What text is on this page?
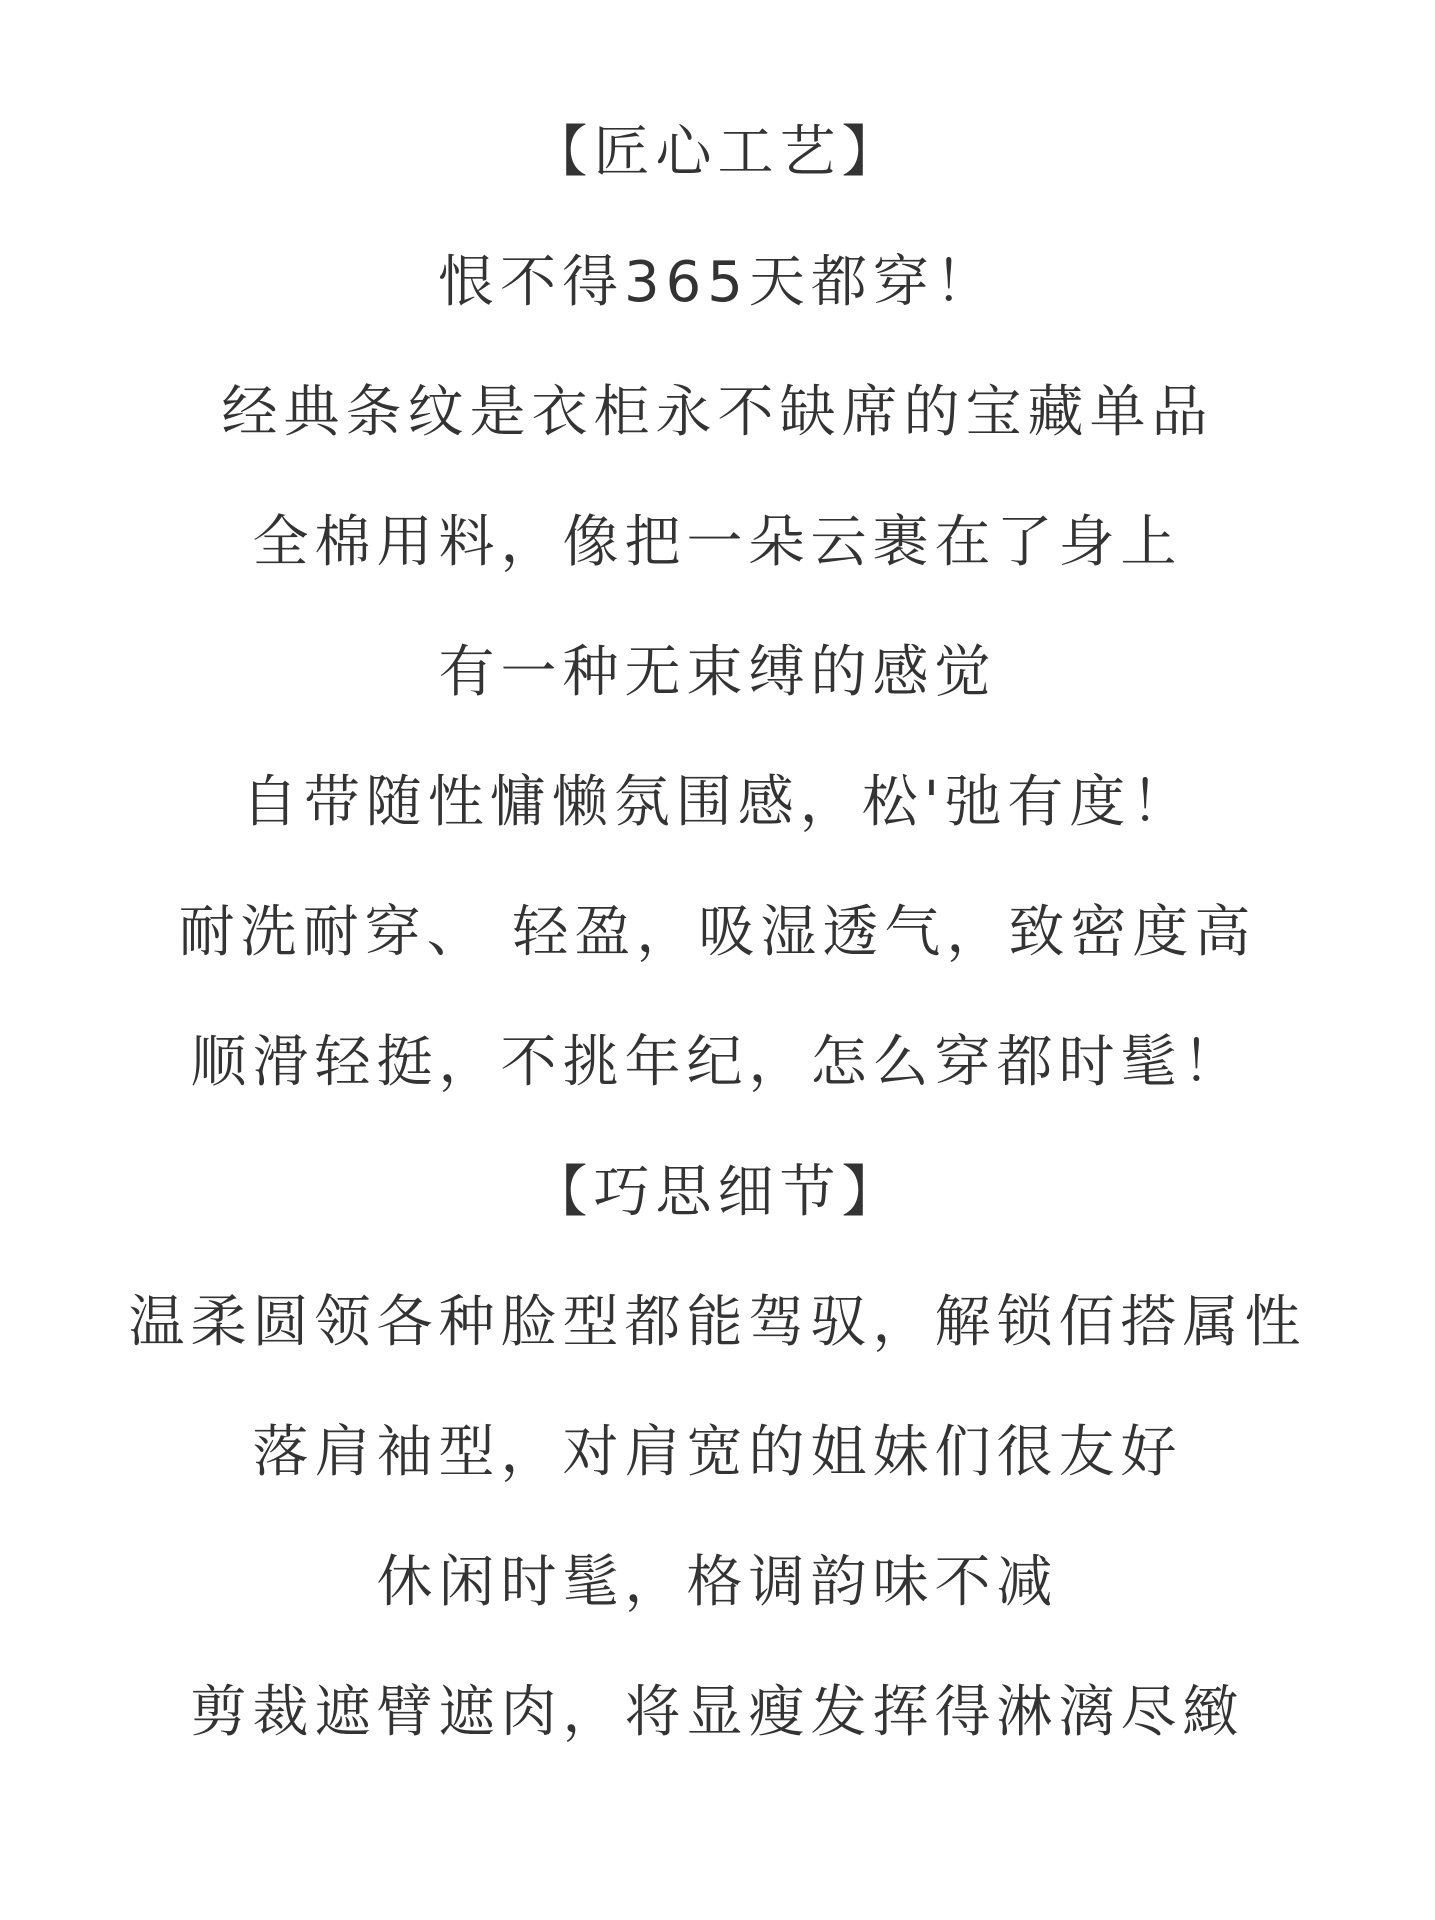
【匠心工艺】
恨不得365天都穿！
经典条纹是衣柜永不缺席的宝藏单品
全棉用料，像把一朵云裹在了身上
有一种无束缚的感觉
自带随性慵懒氛围感，松'弛有度！
耐洗耐穿、 轻盈，吸湿透气，致密度高
顺滑轻挺，不挑年纪，怎么穿都时髦！
【巧思细节】
温柔圆领各种脸型都能驾驭，解锁佰搭属性
落肩袖型，对肩宽的姐妹们很友好
休闲时髦，格调韵味不减
剪裁遮臂遮肉，将显瘦发挥得淋漓尽緻
